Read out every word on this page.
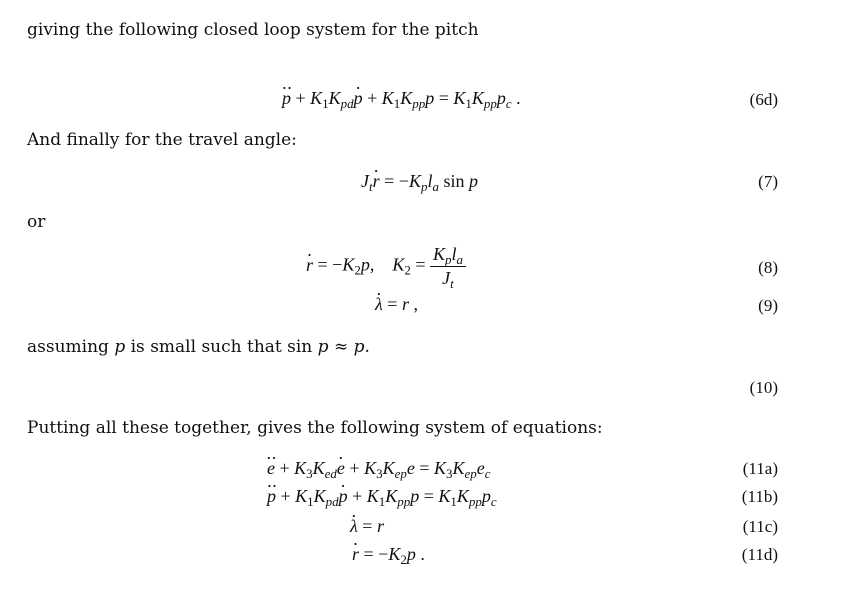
giving the following closed loop system for the pitch
p ·· + $K_1K_{pd}p$ · + $K_1K_{pp}p = K_1K_{pp}p_c$ .	(6d)
And finally for the travel angle:
$J_tr$ · = $-K_pl_a$ sin p	(7)
or
r · = $-K_2p$,    $K_2 = \frac{K_pl_a}{J_t}$	(8)
λ · = r ,	(9)
assuming p is small such that sin p ≈ p.
(10)
Putting all these together, gives the following system of equations:
e ·· + $K_3K_{ed}e$ · + $K_3K_{ep}e = K_3K_{ep}e_c$	(11a)
p ·· + $K_1K_{pd}p$ · + $K_1K_{pp}p = K_1K_{pp}p_c$	(11b)
λ · = r	(11c)
r · = $-K_2p$ .	(11d)
